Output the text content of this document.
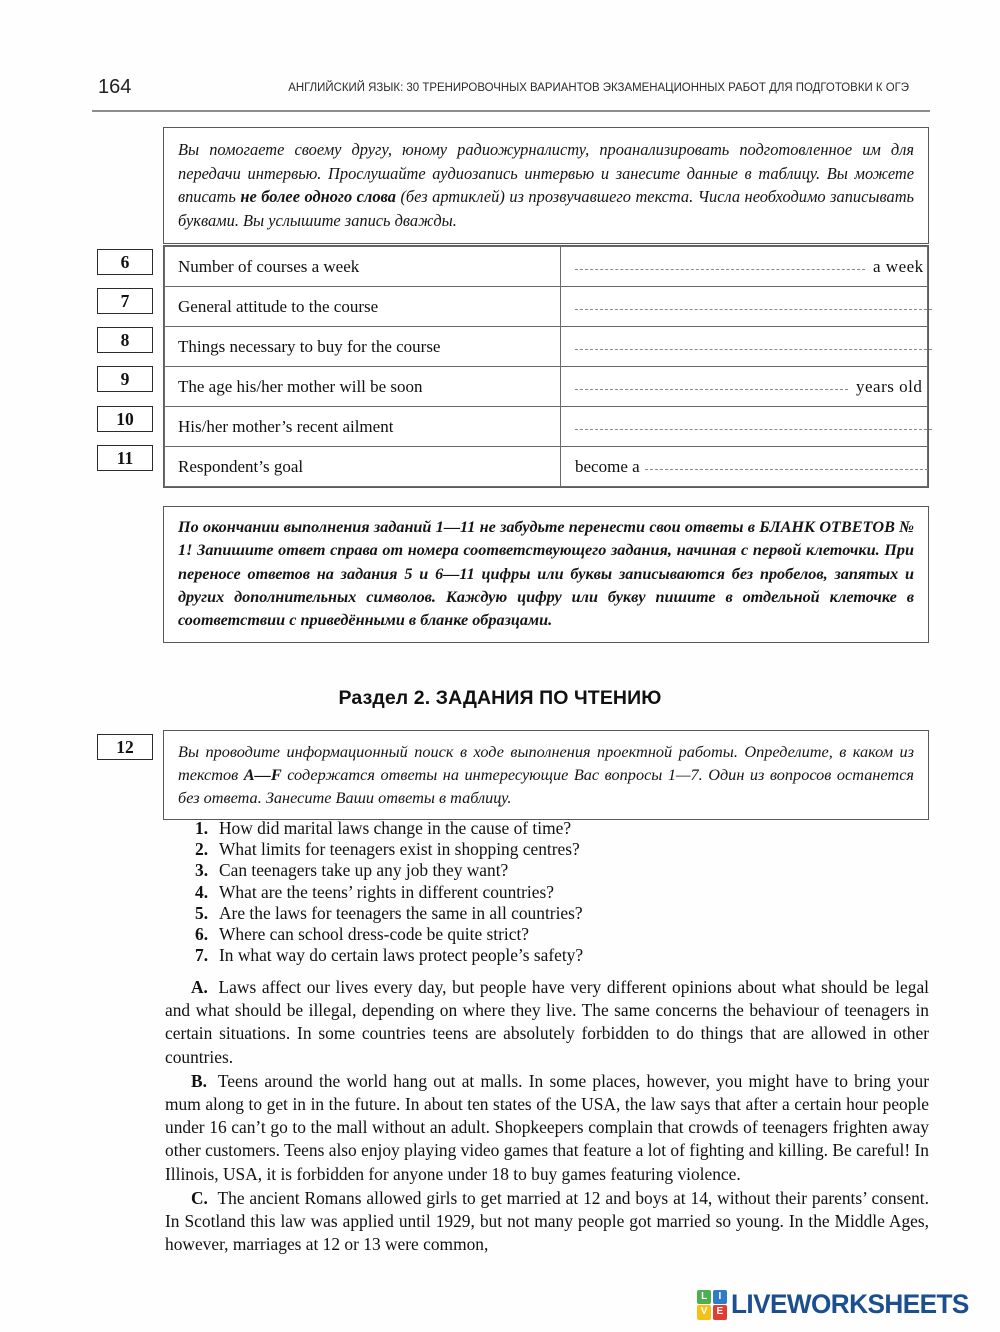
164	АНГЛИЙСКИЙ ЯЗЫК: 30 ТРЕНИРОВОЧНЫХ ВАРИАНТОВ ЭКЗАМЕНАЦИОННЫХ РАБОТ ДЛЯ ПОДГОТОВКИ К ОГЭ

Вы помогаете своему другу, юному радиожурналисту, проанализировать подготовленное им для передачи интервью. Прослушайте аудиозапись интервью и занесите данные в таблицу. Вы можете вписать не более одного слова (без артиклей) из прозвучавшего текста. Числа необходимо записывать буквами. Вы услышите запись дважды.

6
7
8
9
10
11
Number of courses a week	a week
General attitude to the course	
Things necessary to buy for the course	
The age his/her mother will be soon	years old
His/her mother’s recent ailment	
Respondent’s goal	become a

По окончании выполнения заданий 1—11 не забудьте перенести свои ответы в БЛАНК ОТВЕТОВ № 1! Запишите ответ справа от номера соответствующего задания, начиная с первой клеточки. При переносе ответов на задания 5 и 6—11 цифры или буквы записываются без пробелов, запятых и других дополнительных символов. Каждую цифру или букву пишите в отдельной клеточке в соответствии с приведёнными в бланке образцами.

Раздел 2. ЗАДАНИЯ ПО ЧТЕНИЮ
12	Вы проводите информационный поиск в ходе выполнения проектной работы. Определите, в каком из текстов A—F содержатся ответы на интересующие Вас вопросы 1—7. Один из вопросов останется без ответа. Занесите Ваши ответы в таблицу.

1. How did marital laws change in the cause of time?
2. What limits for teenagers exist in shopping centres?
3. Can teenagers take up any job they want?
4. What are the teens’ rights in different countries?
5. Are the laws for teenagers the same in all countries?
6. Where can school dress-code be quite strict?
7. In what way do certain laws protect people’s safety?

A. Laws affect our lives every day, but people have very different opinions about what should be legal and what should be illegal, depending on where they live. The same concerns the behaviour of teenagers in certain situations. In some countries teens are absolutely forbidden to do things that are allowed in other countries.

B. Teens around the world hang out at malls. In some places, however, you might have to bring your mum along to get in in the future. In about ten states of the USA, the law says that after a certain hour people under 16 can’t go to the mall without an adult. Shopkeepers complain that crowds of teenagers frighten away other customers. Teens also enjoy playing video games that feature a lot of fighting and killing. Be careful! In Illinois, USA, it is forbidden for anyone under 18 to buy games featuring violence.

C. The ancient Romans allowed girls to get married at 12 and boys at 14, without their parents’ consent. In Scotland this law was applied until 1929, but not many people got married so young. In the Middle Ages, however, marriages at 12 or 13 were common,

L	I
V E LIVEWORKSHEETS
